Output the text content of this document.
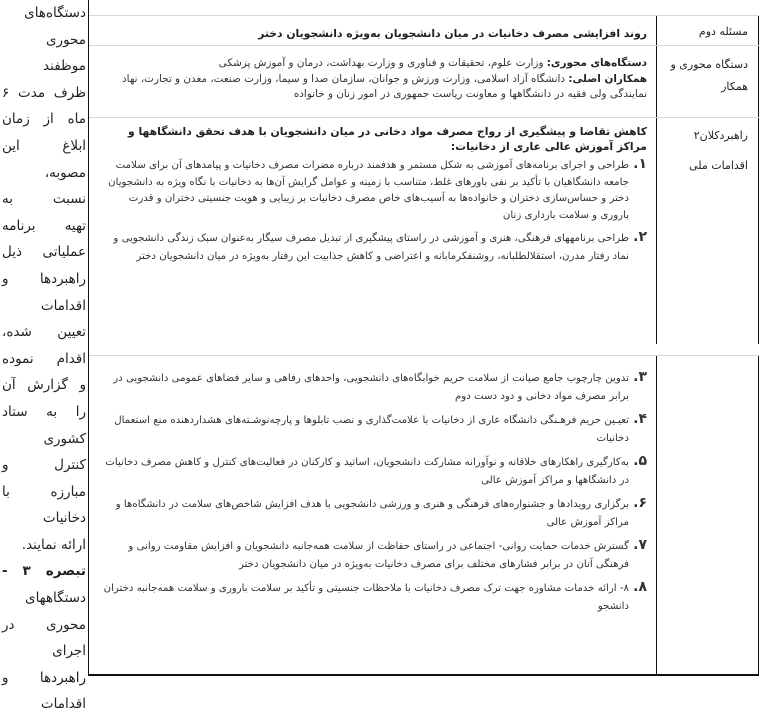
دستگاه‌های
محوری
موظفند
ظرف مدت ۶
ماه از زمان
ابلاغ این
مصوبه،
نسبت به
تهیه برنامه
عملیاتی ذیل
راهبردها و
اقدامات
تعیین شده،
اقدام نموده
و گزارش آن
را به ستاد
کشوری
کنترل و
مبارزه با
دخانیات
ارائه نمایند.
تبصره ۳ -
دستگاههای
محوری در
اجرای
راهبردها و
اقدامات
مسئله دوم
روند افزایشی مصرف دخانیات در میان دانشجویان به‌ویژه دانشجویان دختر
دستگاه محوری و همکار
دستگاه‌های محوری: وزارت علوم، تحقیقات و فناوری و وزارت بهداشت، درمان و آموزش پزشکی
همکاران اصلی: دانشگاه آزاد اسلامی، وزارت ورزش و جوانان، سازمان صدا و سیما، وزارت صنعت، معدن و تجارت، نهاد نمایندگی ولی فقیه در دانشگاهها و معاونت ریاست جمهوری در امور زنان و خانواده
راهبردکلان۲
اقدامات ملی
کاهش تقاضا و پیشگیری از رواج مصرف مواد دخانی در میان دانشجویان با هدف تحقق دانشگاهها و مراکز آموزش عالی عاری از دخانیات:
۱.
طراحی و اجرای برنامه‌های آموزشی به شکل مستمر و هدفمند درباره مضرات مصرف دخانیات و پیامدهای آن برای سلامت جامعه دانشگاهیان با تأکید بر نفی باورهای غلط، متناسب با زمینه و عوامل گرایش آن‌ها به دخانیات با نگاه ویژه به دانشجویان دختر و حساس‌سازی دختران و خانواده‌ها به آسیب‌های خاص مصرف دخانیات بر زیبایی و هویت جنسیتی دختران و قدرت باروری و سلامت بارداری زنان
۲.
طراحی برنامههای فرهنگی، هنری و آموزشی در راستای پیشگیری از تبدیل مصرف سیگار به‌عنوان سبک زندگی دانشجویی و نماد رفتار مدرن، استقلالطلبانه، روشنفکرمابانه و اعتراضی و کاهش جذابیت این رفتار به‌ویژه در میان دانشجویان دختر
۳.
تدوین چارچوب جامع صیانت از سلامت حریم خوابگاه‌های دانشجویی، واحدهای رفاهی و سایر فضاهای عمومی دانشجویی در برابر مصرف مواد دخانی و دود دست دوم
۴.
تعیـین حریم فرهـنگی دانشگاه عاری از دخانیات با علامت‌گذاری و نصب تابلوها و پارچه‌نوشـته‌های هشداردهنده منع استعمال دخانیات
۵.
به‌کارگیری راهکارهای خلاقانه و نوآورانه مشارکت دانشجویان، اساتید و کارکنان در فعالیت‌های کنترل و کاهش مصرف دخانیات در دانشگاهها و مراکز آموزش عالی
۶.
برگزاری رویدادها و جشنواره‌های فرهنگی و هنری و ورزشی دانشجویی با هدف افزایش شاخص‌های سلامت در دانشگاه‌ها و مراکز آموزش عالی
۷.
گسترش خدمات حمایت روانی- اجتماعی در راستای حفاظت از سلامت همه‌جانبه دانشجویان و افزایش مقاومت روانی و فرهنگی آنان در برابر فشارهای مختلف برای مصرف دخانیات به‌ویژه در میان دانشجویان دختر
۸.
۸- ارائه خدمات مشاوره جهت ترک مصرف دخانیات با ملاحظات جنسیتی و تأکید بر سلامت باروری و سلامت همه‌جانبه دختران دانشجو
